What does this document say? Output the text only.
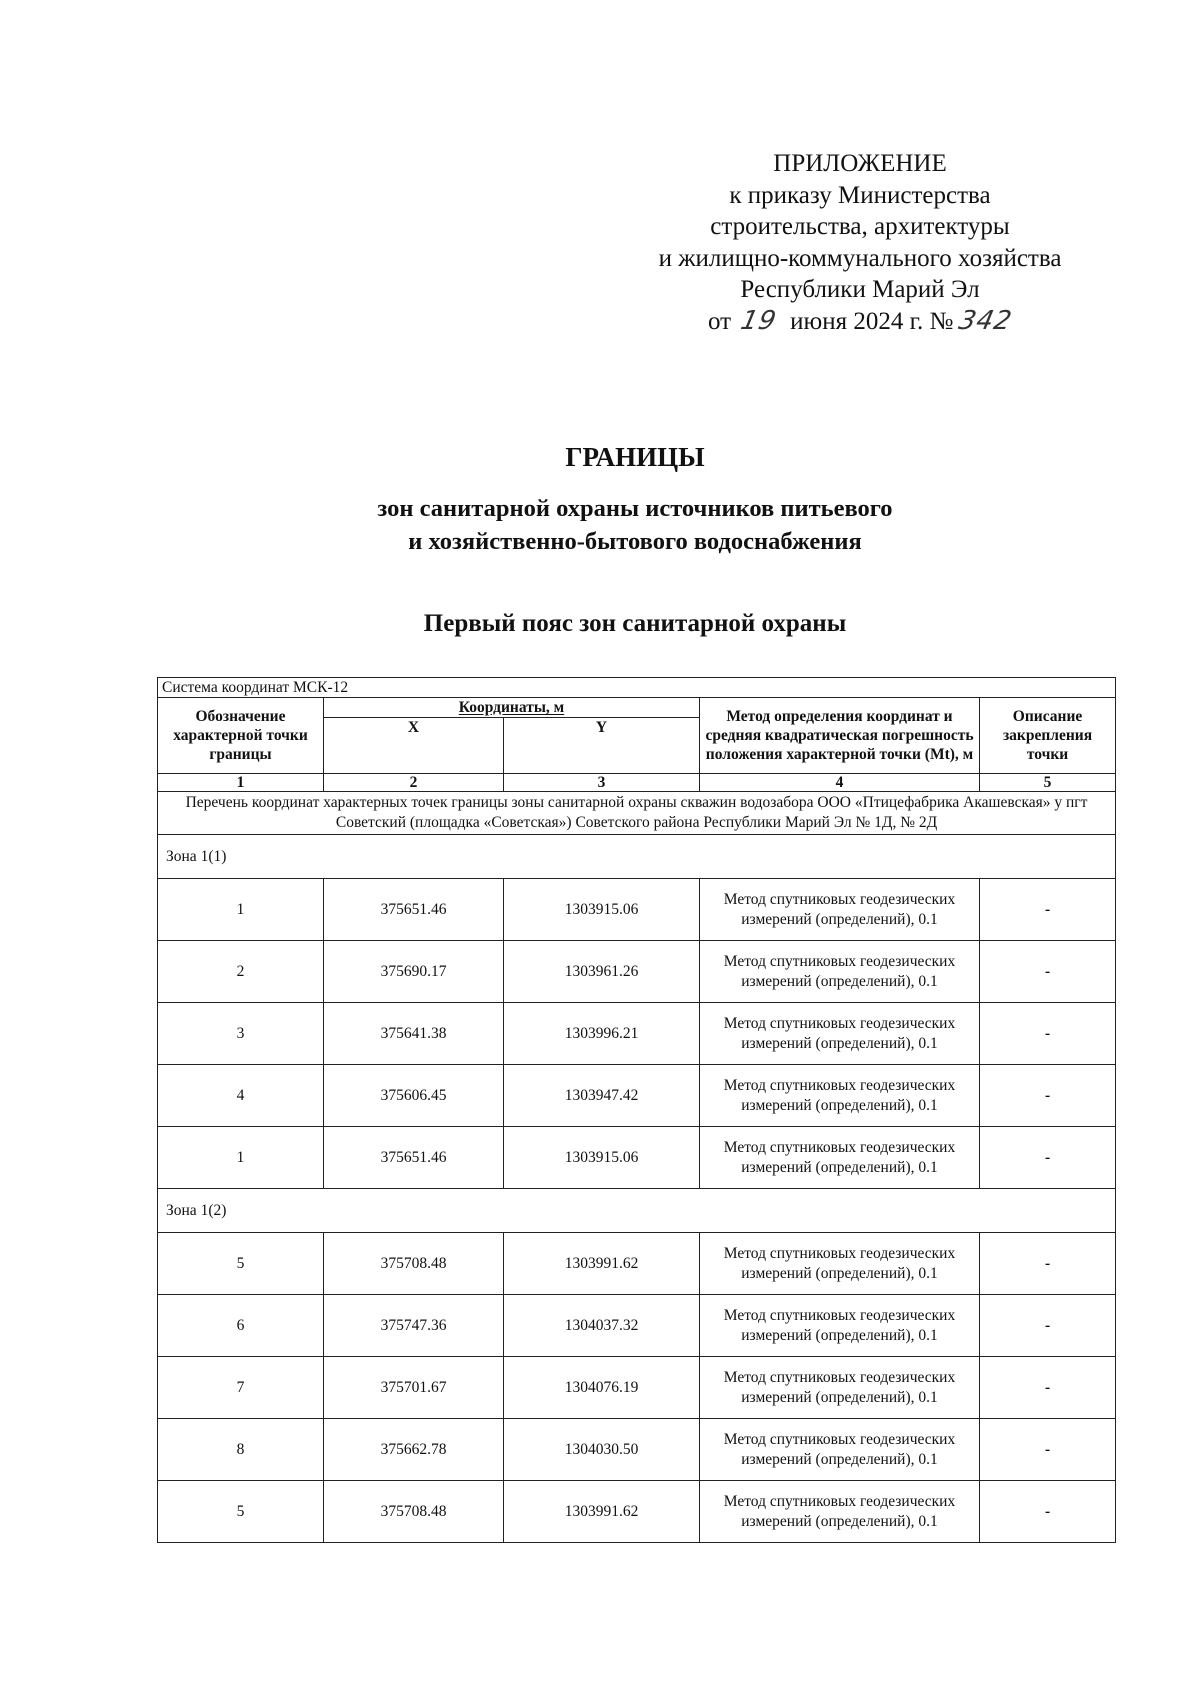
ПРИЛОЖЕНИЕ
к приказу Министерства
строительства, архитектуры
и жилищно-коммунального хозяйства
Республики Марий Эл
от 19 июня 2024 г. № 342
ГРАНИЦЫ
зон санитарной охраны источников питьевого
и хозяйственно-бытового водоснабжения
Первый пояс зон санитарной охраны
Система координат МСК-12				
Обозначение характерной точки границы	Координаты, м		Метод определения координат и средняя квадратическая погрешность положения характерной точки (Mt), м	Описание закрепления точки
	X	Y		
1	2	3	4	5
Перечень координат характерных точек границы зоны санитарной охраны скважин водозабора ООО «Птицефабрика Акашевская» у пгт Советский (площадка «Советская») Советского района Республики Марий Эл № 1Д, № 2Д				
Зона 1(1)				
1	375651.46	1303915.06	Метод спутниковых геодезических измерений (определений), 0.1	-
2	375690.17	1303961.26	Метод спутниковых геодезических измерений (определений), 0.1	-
3	375641.38	1303996.21	Метод спутниковых геодезических измерений (определений), 0.1	-
4	375606.45	1303947.42	Метод спутниковых геодезических измерений (определений), 0.1	-
1	375651.46	1303915.06	Метод спутниковых геодезических измерений (определений), 0.1	-
Зона 1(2)				
5	375708.48	1303991.62	Метод спутниковых геодезических измерений (определений), 0.1	-
6	375747.36	1304037.32	Метод спутниковых геодезических измерений (определений), 0.1	-
7	375701.67	1304076.19	Метод спутниковых геодезических измерений (определений), 0.1	-
8	375662.78	1304030.50	Метод спутниковых геодезических измерений (определений), 0.1	-
5	375708.48	1303991.62	Метод спутниковых геодезических измерений (определений), 0.1	-
